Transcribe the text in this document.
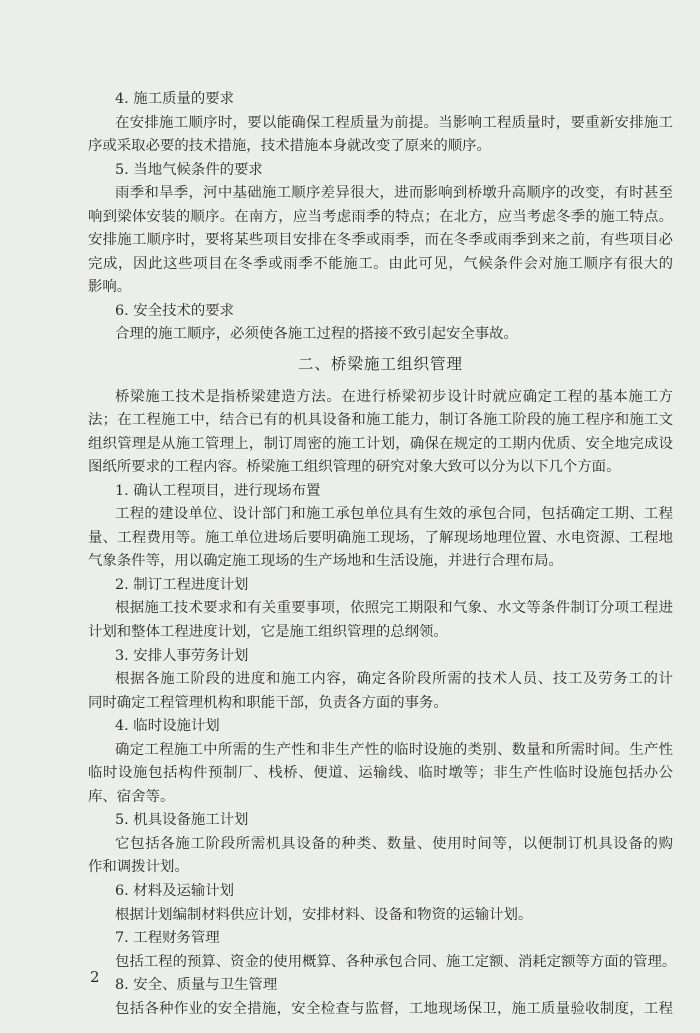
4. 施工质量的要求
在安排施工顺序时，要以能确保工程质量为前提。当影响工程质量时，要重新安排施工
序或采取必要的技术措施，技术措施本身就改变了原来的顺序。
5. 当地气候条件的要求
雨季和旱季，河中基础施工顺序差异很大，进而影响到桥墩升高顺序的改变，有时甚至
响到梁体安装的顺序。在南方，应当考虑雨季的特点；在北方，应当考虑冬季的施工特点。
安排施工顺序时，要将某些项目安排在冬季或雨季，而在冬季或雨季到来之前，有些项目必
完成，因此这些项目在冬季或雨季不能施工。由此可见，气候条件会对施工顺序有很大的
影响。
6. 安全技术的要求
合理的施工顺序，必须使各施工过程的搭接不致引起安全事故。
二、桥梁施工组织管理
桥梁施工技术是指桥梁建造方法。在进行桥梁初步设计时就应确定工程的基本施工方
法；在工程施工中，结合已有的机具设备和施工能力，制订各施工阶段的施工程序和施工文
组织管理是从施工管理上，制订周密的施工计划，确保在规定的工期内优质、安全地完成设
图纸所要求的工程内容。桥梁施工组织管理的研究对象大致可以分为以下几个方面。
1. 确认工程项目，进行现场布置
工程的建设单位、设计部门和施工承包单位具有生效的承包合同，包括确定工期、工程
量、工程费用等。施工单位进场后要明确施工现场，了解现场地理位置、水电资源、工程地
气象条件等，用以确定施工现场的生产场地和生活设施，并进行合理布局。
2. 制订工程进度计划
根据施工技术要求和有关重要事项，依照完工期限和气象、水文等条件制订分项工程进
计划和整体工程进度计划，它是施工组织管理的总纲领。
3. 安排人事劳务计划
根据各施工阶段的进度和施工内容，确定各阶段所需的技术人员、技工及劳务工的计
同时确定工程管理机构和职能干部，负责各方面的事务。
4. 临时设施计划
确定工程施工中所需的生产性和非生产性的临时设施的类别、数量和所需时间。生产性
临时设施包括构件预制厂、栈桥、便道、运输线、临时墩等；非生产性临时设施包括办公
库、宿舍等。
5. 机具设备施工计划
它包括各施工阶段所需机具设备的种类、数量、使用时间等，以便制订机具设备的购
作和调拨计划。
6. 材料及运输计划
根据计划编制材料供应计划，安排材料、设备和物资的运输计划。
7. 工程财务管理
包括工程的预算、资金的使用概算、各种承包合同、施工定额、消耗定额等方面的管理。
8. 安全、质量与卫生管理
包括各种作业的安全措施，安全检查与监督，工地现场保卫，施工质量验收制度，工程
2
